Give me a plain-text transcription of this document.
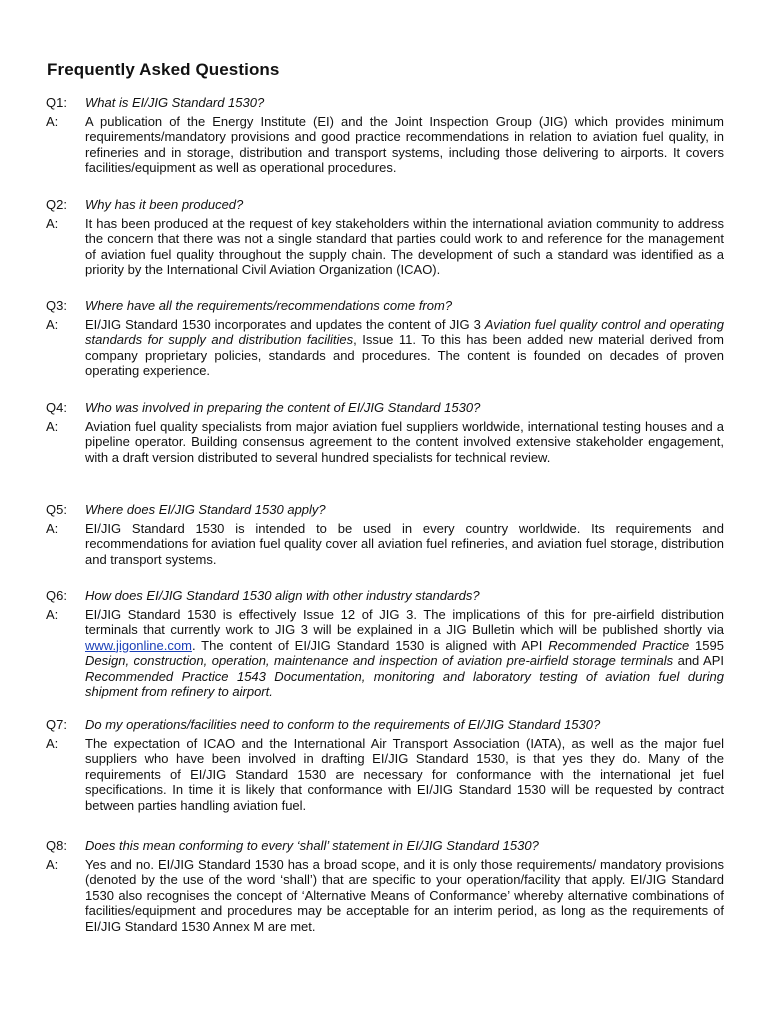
Frequently Asked Questions
Q1:	What is EI/JIG Standard 1530?
A:	A publication of the Energy Institute (EI) and the Joint Inspection Group (JIG) which provides minimum requirements/mandatory provisions and good practice recommendations in relation to aviation fuel quality, in refineries and in storage, distribution and transport systems, including those delivering to airports. It covers facilities/equipment as well as operational procedures.
Q2:	Why has it been produced?
A:	It has been produced at the request of key stakeholders within the international aviation community to address the concern that there was not a single standard that parties could work to and reference for the management of aviation fuel quality throughout the supply chain. The development of such a standard was identified as a priority by the International Civil Aviation Organization (ICAO).
Q3:	Where have all the requirements/recommendations come from?
A:	EI/JIG Standard 1530 incorporates and updates the content of JIG 3 Aviation fuel quality control and operating standards for supply and distribution facilities, Issue 11. To this has been added new material derived from company proprietary policies, standards and procedures. The content is founded on decades of proven operating experience.
Q4:	Who was involved in preparing the content of EI/JIG Standard 1530?
A:	Aviation fuel quality specialists from major aviation fuel suppliers worldwide, international testing houses and a pipeline operator. Building consensus agreement to the content involved extensive stakeholder engagement, with a draft version distributed to several hundred specialists for technical review.
Q5:	Where does EI/JIG Standard 1530 apply?
A:	EI/JIG Standard 1530 is intended to be used in every country worldwide. Its requirements and recommendations for aviation fuel quality cover all aviation fuel refineries, and aviation fuel storage, distribution and transport systems.
Q6:	How does EI/JIG Standard 1530 align with other industry standards?
A:	EI/JIG Standard 1530 is effectively Issue 12 of JIG 3. The implications of this for pre-airfield distribution terminals that currently work to JIG 3 will be explained in a JIG Bulletin which will be published shortly via www.jigonline.com. The content of EI/JIG Standard 1530 is aligned with API Recommended Practice 1595 Design, construction, operation, maintenance and inspection of aviation pre-airfield storage terminals and API Recommended Practice 1543 Documentation, monitoring and laboratory testing of aviation fuel during shipment from refinery to airport.
Q7:	Do my operations/facilities need to conform to the requirements of EI/JIG Standard 1530?
A:	The expectation of ICAO and the International Air Transport Association (IATA), as well as the major fuel suppliers who have been involved in drafting EI/JIG Standard 1530, is that yes they do. Many of the requirements of EI/JIG Standard 1530 are necessary for conformance with the international jet fuel specifications. In time it is likely that conformance with EI/JIG Standard 1530 will be requested by contract between parties handling aviation fuel.
Q8:	Does this mean conforming to every ‘shall’ statement in EI/JIG Standard 1530?
A:	Yes and no. EI/JIG Standard 1530 has a broad scope, and it is only those requirements/ mandatory provisions (denoted by the use of the word ‘shall’) that are specific to your operation/facility that apply. EI/JIG Standard 1530 also recognises the concept of ‘Alternative Means of Conformance’ whereby alternative combinations of facilities/equipment and procedures may be acceptable for an interim period, as long as the requirements of EI/JIG Standard 1530 Annex M are met.
